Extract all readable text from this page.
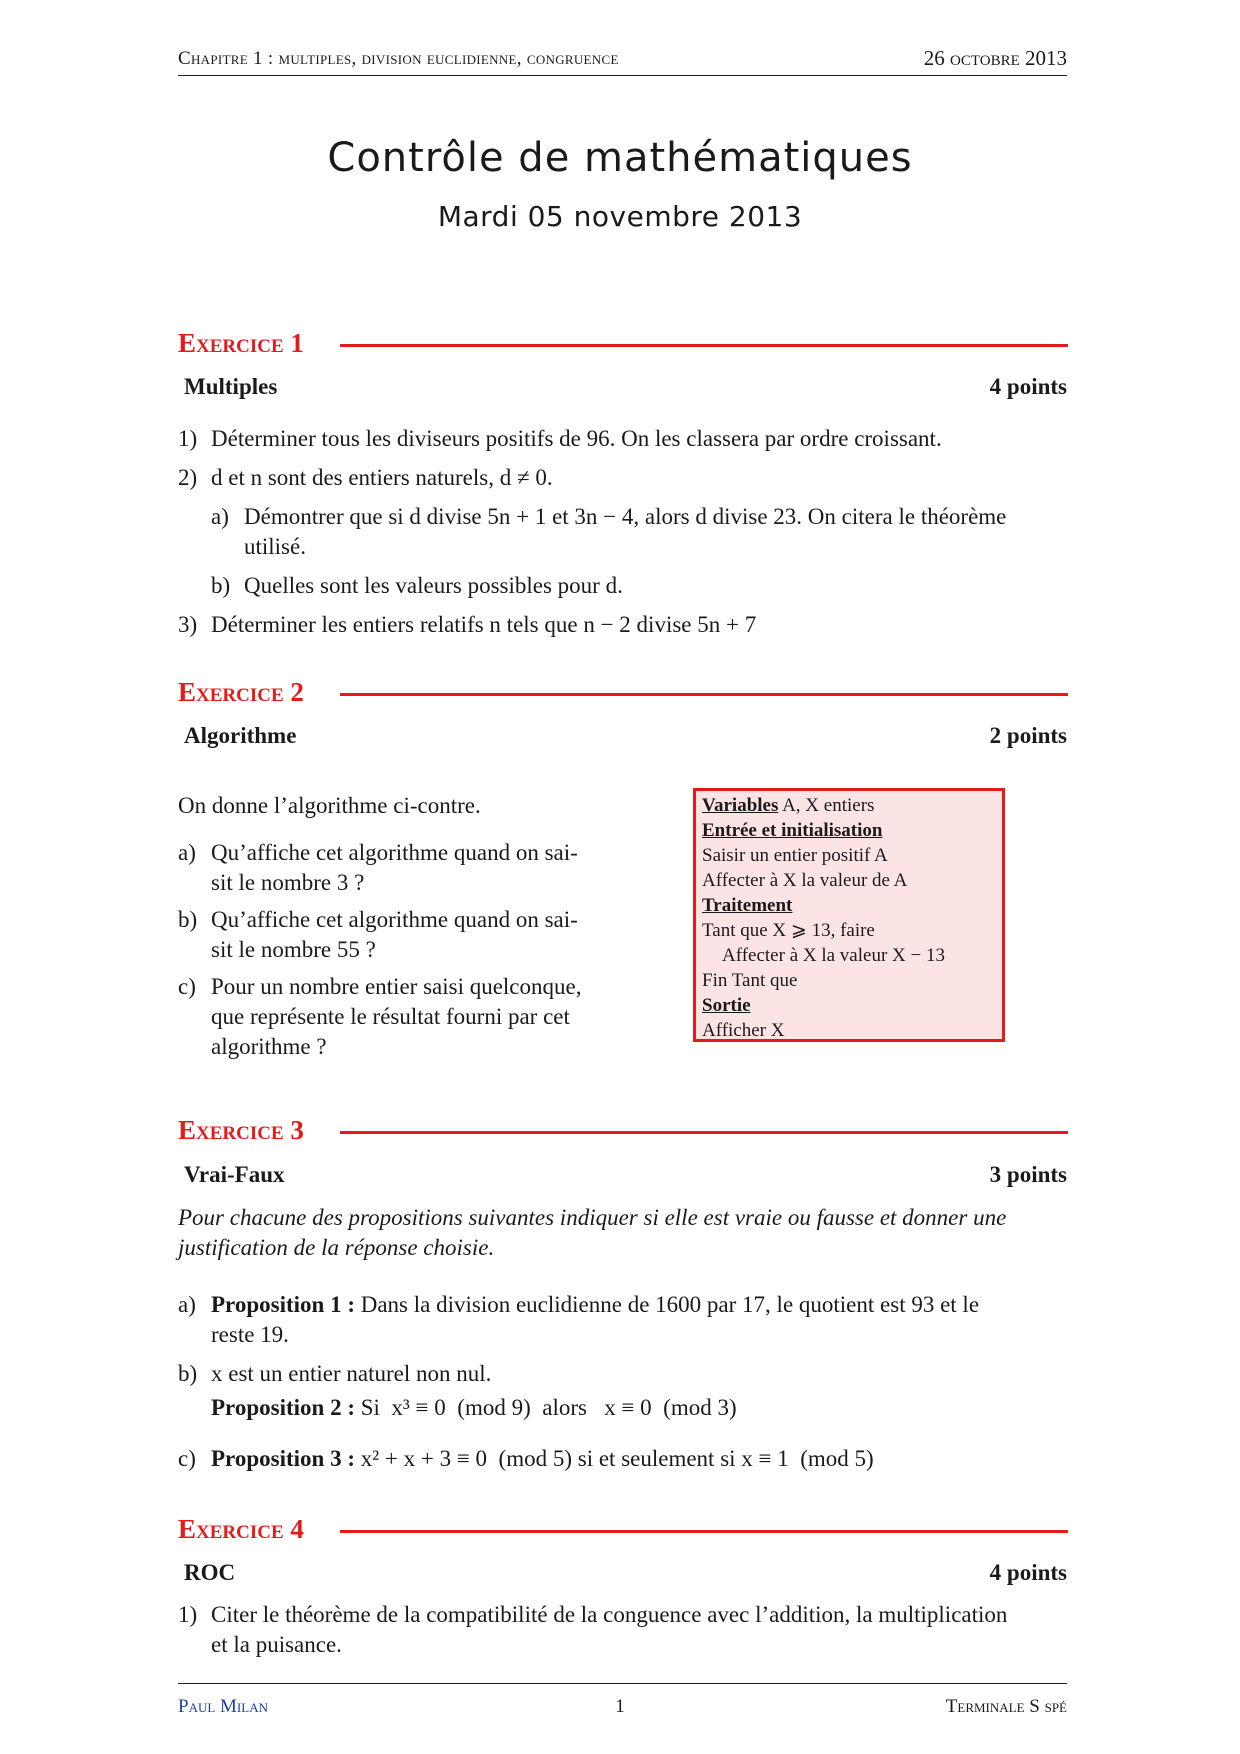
Chapitre 1 : multiples, division euclidienne, congruence	26 octobre 2013
Contrôle de mathématiques
Mardi 05 novembre 2013
Exercice 1
Multiples	4 points
1) Déterminer tous les diviseurs positifs de 96. On les classera par ordre croissant.
2) d et n sont des entiers naturels, d ≠ 0.
a) Démontrer que si d divise 5n + 1 et 3n − 4, alors d divise 23. On citera le théorème
utilisé.
b) Quelles sont les valeurs possibles pour d.
3) Déterminer les entiers relatifs n tels que n − 2 divise 5n + 7
Exercice 2
Algorithme	2 points
On donne l’algorithme ci-contre.
a) Qu’affiche cet algorithme quand on sai-
sit le nombre 3 ?
b) Qu’affiche cet algorithme quand on sai-
sit le nombre 55 ?
c) Pour un nombre entier saisi quelconque,
que représente le résultat fourni par cet
algorithme ?
Variables A, X entiers
Entrée et initialisation
Saisir un entier positif A
Affecter à X la valeur de A
Traitement
Tant que X ⩾ 13, faire
Affecter à X la valeur X − 13
Fin Tant que
Sortie
Afficher X
Exercice 3
Vrai-Faux	3 points
Pour chacune des propositions suivantes indiquer si elle est vraie ou fausse et donner une
justification de la réponse choisie.
a) Proposition 1 : Dans la division euclidienne de 1600 par 17, le quotient est 93 et le
reste 19.
b) x est un entier naturel non nul.
Proposition 2 : Si  x³ ≡ 0  (mod 9)  alors   x ≡ 0  (mod 3)
c) Proposition 3 : x² + x + 3 ≡ 0  (mod 5) si et seulement si x ≡ 1  (mod 5)
Exercice 4
ROC	4 points
1) Citer le théorème de la compatibilité de la conguence avec l’addition, la multiplication
et la puisance.
Paul Milan	1	Terminale S spé
